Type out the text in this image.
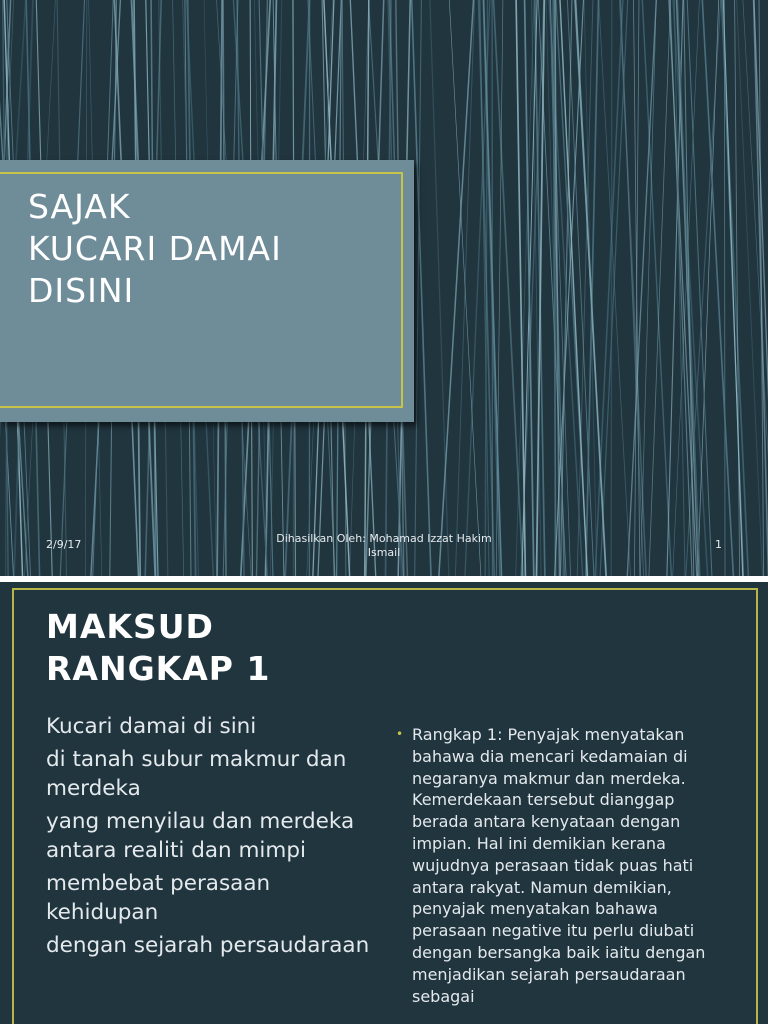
SAJAK
KUCARI DAMAI
DISINI
2/9/17	Dihasilkan Oleh: Mohamad Izzat Hakim
Ismail
1
MAKSUD
RANGKAP 1
Kucari damai di sini
di tanah subur makmur dan merdeka
yang menyilau dan merdeka antara realiti dan mimpi
membebat perasaan kehidupan
dengan sejarah persaudaraan
• Rangkap 1: Penyajak menyatakan bahawa dia mencari kedamaian di negaranya makmur dan merdeka. Kemerdekaan tersebut dianggap berada antara kenyataan dengan impian. Hal ini demikian kerana wujudnya perasaan tidak puas hati antara rakyat. Namun demikian, penyajak menyatakan bahawa perasaan negative itu perlu diubati dengan bersangka baik iaitu dengan menjadikan sejarah persaudaraan sebagai
